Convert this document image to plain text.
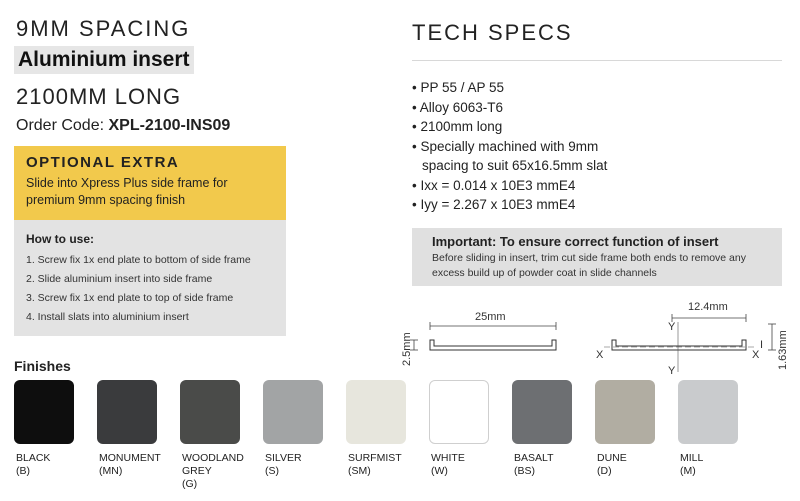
9MM SPACING
Aluminium insert
2100MM LONG
Order Code: XPL-2100-INS09
OPTIONAL EXTRA
Slide into Xpress Plus side frame for
premium 9mm spacing finish
How to use:
1. Screw fix 1x end plate to bottom of side frame
2. Slide aluminium insert into side frame
3. Screw fix 1x end plate to top of side frame
4. Install slats into aluminium insert
TECH SPECS
• PP 55 / AP 55
• Alloy 6063-T6
• 2100mm long
• Specially machined with 9mm
spacing to suit 65x16.5mm slat
• Ixx = 0.014 x 10E3 mmE4
• Iyy = 2.267 x 10E3 mmE4
Important: To ensure correct function of insert
Before sliding in insert, trim cut side frame both ends to remove any
excess build up of powder coat in slide channels
25mm
2.5mm
12.4mm
X	X
Y
Y
I 1.63mm
Finishes
BLACK
(B)
MONUMENT
(MN)
WOODLAND GREY
(G)
SILVER
(S)
SURFMIST
(SM)
WHITE
(W)
BASALT
(BS)
DUNE
(D)
MILL
(M)
